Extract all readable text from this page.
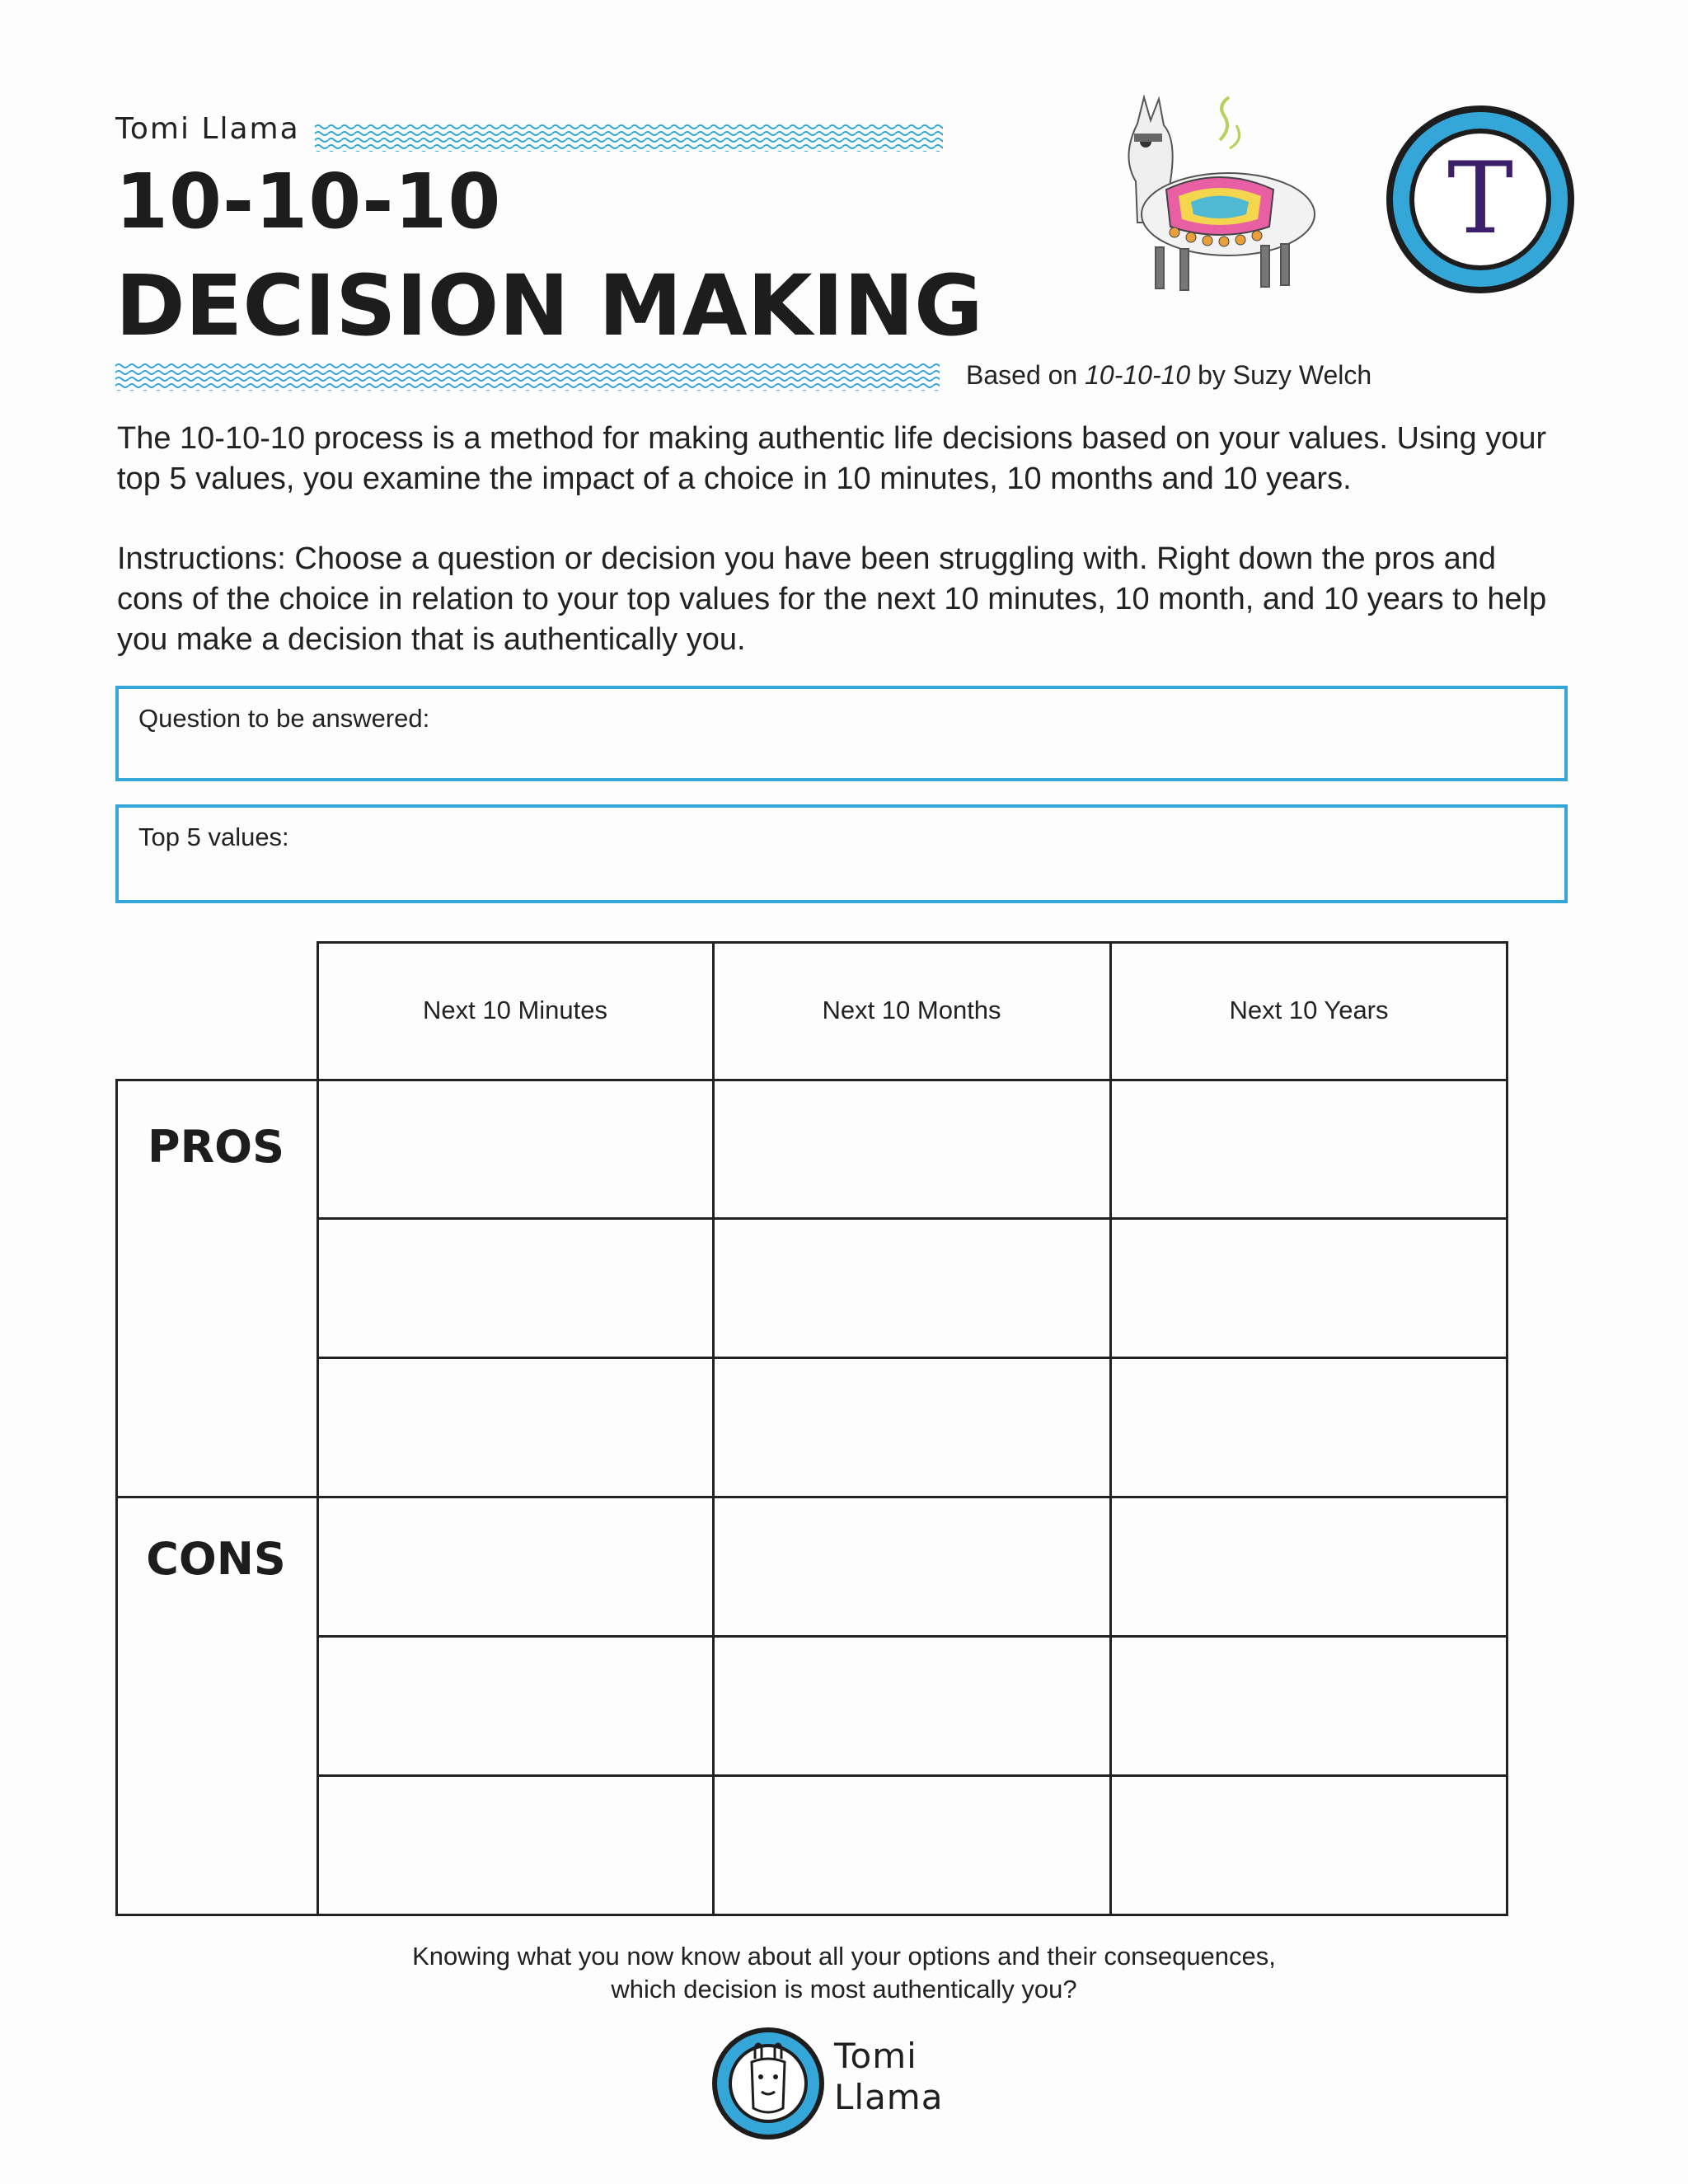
Tomi Llama
10-10-10
DECISION MAKING
Based on 10-10-10 by Suzy Welch
T
The 10-10-10 process is a method for making authentic life decisions based on your values. Using your top 5 values, you examine the impact of a choice in 10 minutes, 10 months and 10 years.
Instructions: Choose a question or decision you have been struggling with. Right down the pros and cons of the choice in relation to your top values for the next 10 minutes, 10 month, and 10 years to help you make a decision that is authentically you.
Question to be answered:
Top 5 values:
Next 10 Minutes	Next 10 Months	Next 10 Years
PROS
CONS
Knowing what you now know about all your options and their consequences,
which decision is most authentically you?
Tomi
Llama
